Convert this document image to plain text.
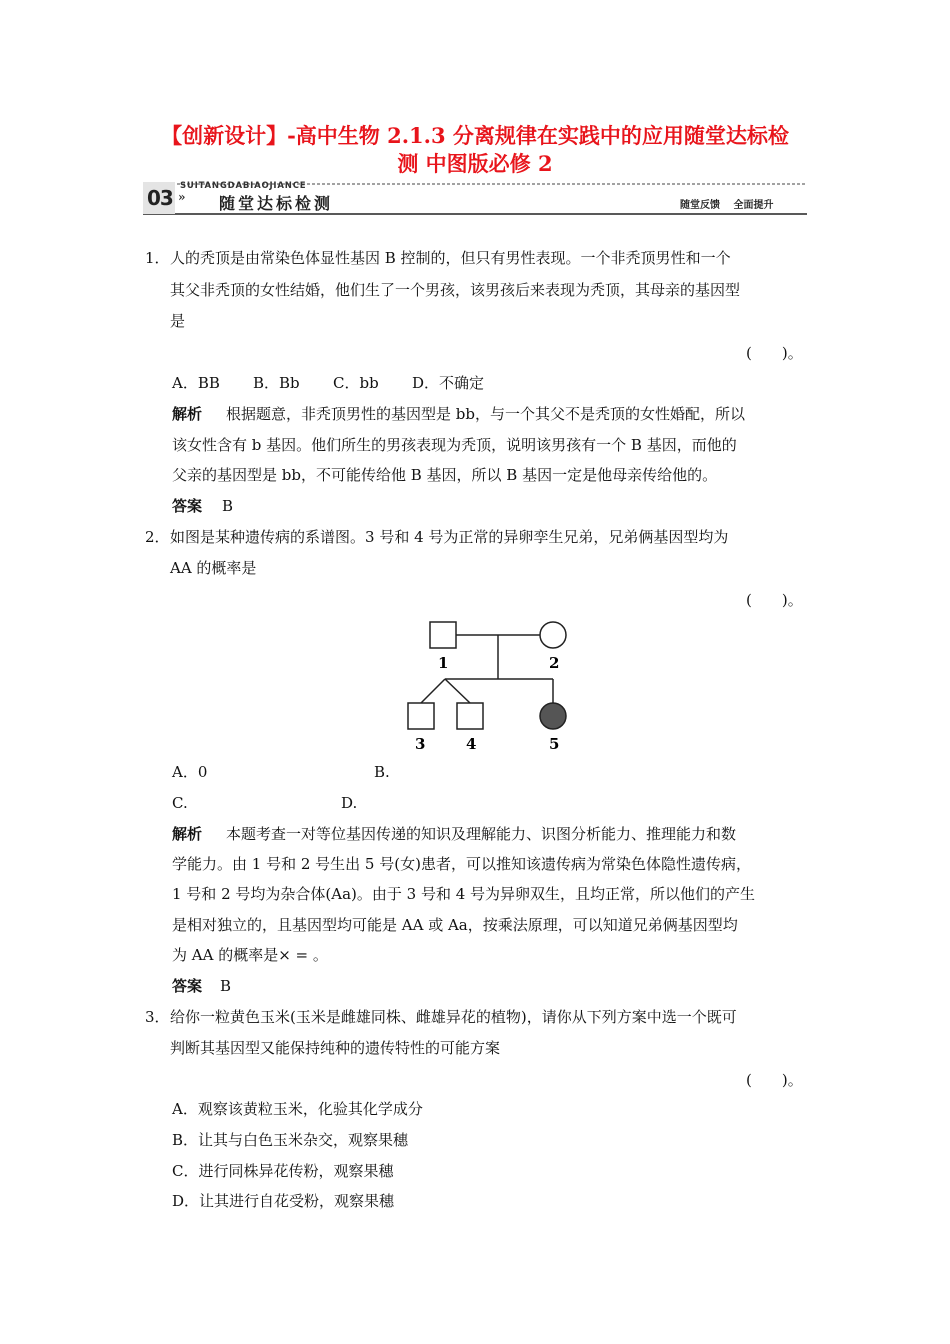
【创新设计】-高中生物 2.1.3 分离规律在实践中的应用随堂达标检
测 中图版必修 2
SUITANGDABIAOJIANCE
03 » 随堂达标检测	随堂反馈 全面提升
1． 人的秃顶是由常染色体显性基因 B 控制的，但只有男性表现。一个非秃顶男性和一个
其父非秃顶的女性结婚，他们生了一个男孩，该男孩后来表现为秃顶，其母亲的基因型
是
(　　)。
A．BB B．Bb C．bb D．不确定
解析 根据题意，非秃顶男性的基因型是 bb，与一个其父不是秃顶的女性婚配，所以
该女性含有 b 基因。他们所生的男孩表现为秃顶，说明该男孩有一个 B 基因，而他的
父亲的基因型是 bb，不可能传给他 B 基因，所以 B 基因一定是他母亲传给他的。
答案 B
2． 如图是某种遗传病的系谱图。3 号和 4 号为正常的异卵孪生兄弟，兄弟俩基因型均为
AA 的概率是
(　　)。
1	2
3	4	5
A．0	B.
C.	D.
解析 本题考查一对等位基因传递的知识及理解能力、识图分析能力、推理能力和数
学能力。由 1 号和 2 号生出 5 号(女)患者，可以推知该遗传病为常染色体隐性遗传病，
1 号和 2 号均为杂合体(Aa)。由于 3 号和 4 号为异卵双生，且均正常，所以他们的产生
是相对独立的，且基因型均可能是 AA 或 Aa，按乘法原理，可以知道兄弟俩基因型均
为 AA 的概率是× = 。
答案 B
3． 给你一粒黄色玉米(玉米是雌雄同株、雌雄异花的植物)，请你从下列方案中选一个既可
判断其基因型又能保持纯种的遗传特性的可能方案
(　　)。
A．观察该黄粒玉米，化验其化学成分
B．让其与白色玉米杂交，观察果穗
C．进行同株异花传粉，观察果穗
D．让其进行自花受粉，观察果穗
